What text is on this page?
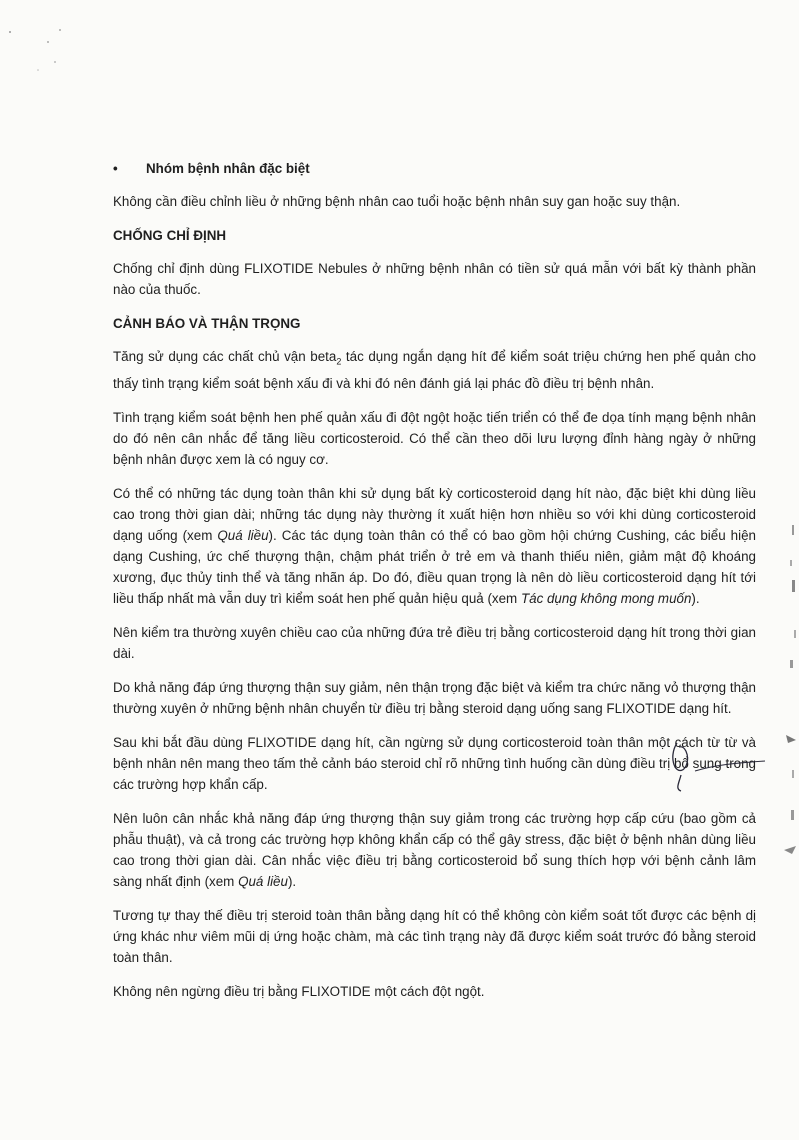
•	Nhóm bệnh nhân đặc biệt

Không cần điều chỉnh liều ở những bệnh nhân cao tuổi hoặc bệnh nhân suy gan hoặc suy thận.

CHỐNG CHỈ ĐỊNH

Chống chỉ định dùng FLIXOTIDE Nebules ở những bệnh nhân có tiền sử quá mẫn với bất kỳ thành phần nào của thuốc.

CẢNH BÁO VÀ THẬN TRỌNG

Tăng sử dụng các chất chủ vận beta$_2$ tác dụng ngắn dạng hít để kiểm soát triệu chứng hen phế quản cho thấy tình trạng kiểm soát bệnh xấu đi và khi đó nên đánh giá lại phác đồ điều trị bệnh nhân.

Tình trạng kiểm soát bệnh hen phế quản xấu đi đột ngột hoặc tiến triển có thể đe dọa tính mạng bệnh nhân do đó nên cân nhắc để tăng liều corticosteroid. Có thể cần theo dõi lưu lượng đỉnh hàng ngày ở những bệnh nhân được xem là có nguy cơ.

Có thể có những tác dụng toàn thân khi sử dụng bất kỳ corticosteroid dạng hít nào, đặc biệt khi dùng liều cao trong thời gian dài; những tác dụng này thường ít xuất hiện hơn nhiều so với khi dùng corticosteroid dạng uống (xem Quá liều). Các tác dụng toàn thân có thể có bao gồm hội chứng Cushing, các biểu hiện dạng Cushing, ức chế thượng thận, chậm phát triển ở trẻ em và thanh thiếu niên, giảm mật độ khoáng xương, đục thủy tinh thể và tăng nhãn áp. Do đó, điều quan trọng là nên dò liều corticosteroid dạng hít tới liều thấp nhất mà vẫn duy trì kiểm soát hen phế quản hiệu quả (xem Tác dụng không mong muốn).

Nên kiểm tra thường xuyên chiều cao của những đứa trẻ điều trị bằng corticosteroid dạng hít trong thời gian dài.

Do khả năng đáp ứng thượng thận suy giảm, nên thận trọng đặc biệt và kiểm tra chức năng vỏ thượng thận thường xuyên ở những bệnh nhân chuyển từ điều trị bằng steroid dạng uống sang FLIXOTIDE dạng hít.

Sau khi bắt đầu dùng FLIXOTIDE dạng hít, cần ngừng sử dụng corticosteroid toàn thân một cách từ từ và bệnh nhân nên mang theo tấm thẻ cảnh báo steroid chỉ rõ những tình huống cần dùng điều trị bổ sung trong các trường hợp khẩn cấp.

Nên luôn cân nhắc khả năng đáp ứng thượng thận suy giảm trong các trường hợp cấp cứu (bao gồm cả phẫu thuật), và cả trong các trường hợp không khẩn cấp có thể gây stress, đặc biệt ở bệnh nhân dùng liều cao trong thời gian dài. Cân nhắc việc điều trị bằng corticosteroid bổ sung thích hợp với bệnh cảnh lâm sàng nhất định (xem Quá liều).

Tương tự thay thế điều trị steroid toàn thân bằng dạng hít có thể không còn kiểm soát tốt được các bệnh dị ứng khác như viêm mũi dị ứng hoặc chàm, mà các tình trạng này đã được kiểm soát trước đó bằng steroid toàn thân.

Không nên ngừng điều trị bằng FLIXOTIDE một cách đột ngột.
